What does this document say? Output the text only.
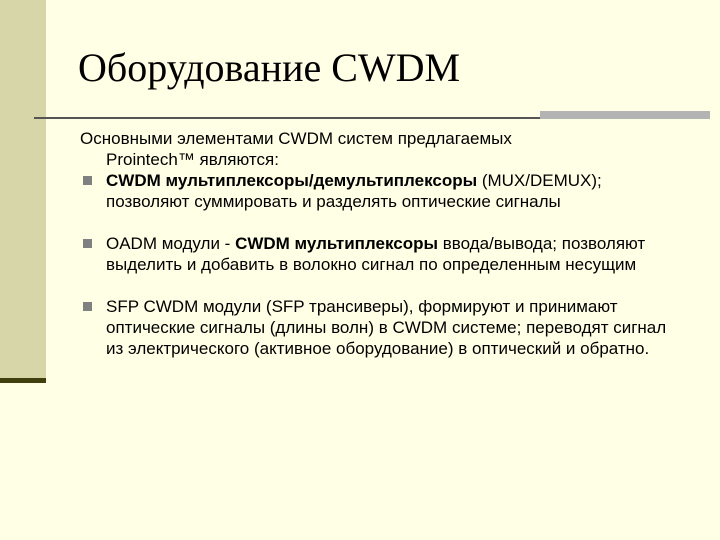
Оборудование CWDM

Основными элементами CWDM систем предлагаемых
Prointech™ являются:

CWDM мультиплексоры/демультиплексоры (MUX/DEMUX); позволяют суммировать и разделять оптические сигналы

OADM модули - CWDM мультиплексоры ввода/вывода; позволяют выделить и добавить в волокно сигнал по определенным несущим

SFP CWDM модули (SFP трансиверы), формируют и принимают оптические сигналы (длины волн) в CWDM системе; переводят сигнал из электрического (активное оборудование) в оптический и обратно.
